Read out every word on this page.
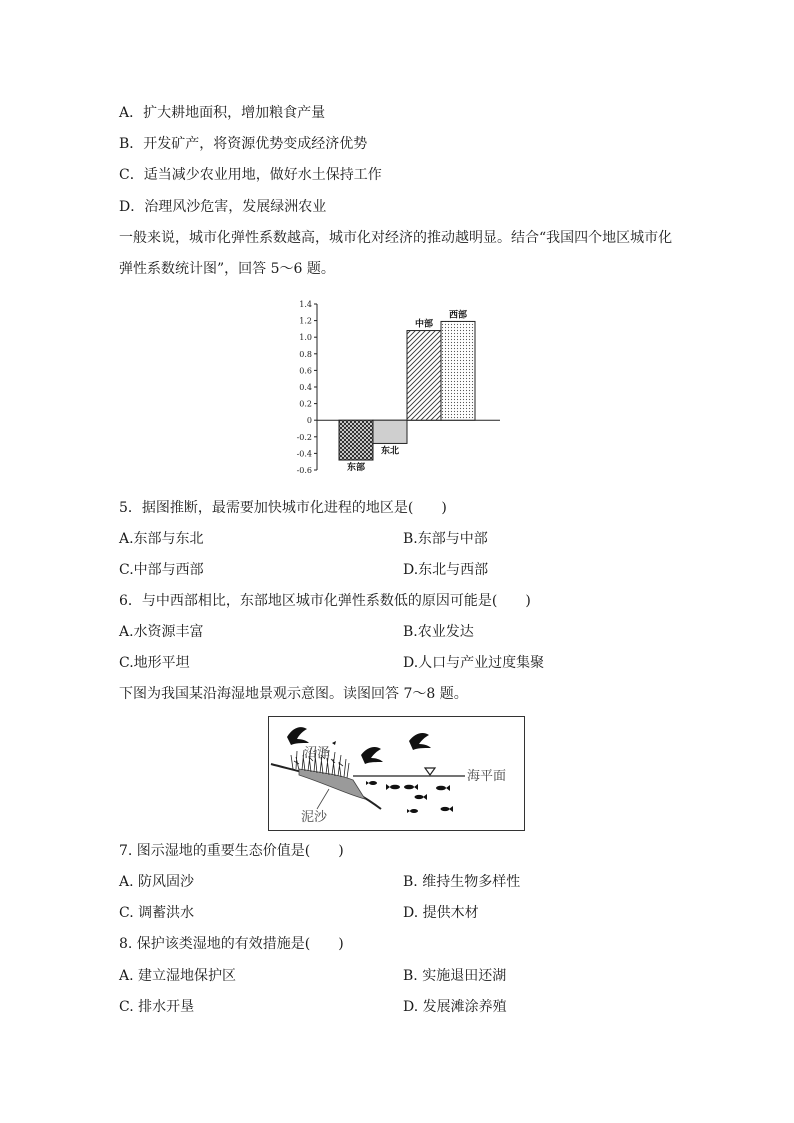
A．扩大耕地面积，增加粮食产量
B．开发矿产，将资源优势变成经济优势
C．适当减少农业用地，做好水土保持工作
D．治理风沙危害，发展绿洲农业
一般来说，城市化弹性系数越高，城市化对经济的推动越明显。结合“我国四个地区城市化
弹性系数统计图”，回答 5～6 题。
1.4
1.2
1.0
0.8
0.6
0.4
0.2
0
-0.2
-0.4
-0.6	东部
东北
中部
西部
5．据图推断，最需要加快城市化进程的地区是(　　)
A.东部与东北	B.东部与中部
C.中部与西部	D.东北与西部
6．与中西部相比，东部地区城市化弹性系数低的原因可能是(　　)
A.水资源丰富	B.农业发达
C.地形平坦	D.人口与产业过度集聚
下图为我国某沿海湿地景观示意图。读图回答 7～8 题。
沼泽
海平面
泥沙
7. 图示湿地的重要生态价值是(　　)
A. 防风固沙	B. 维持生物多样性
C. 调蓄洪水	D. 提供木材
8. 保护该类湿地的有效措施是(　　)
A. 建立湿地保护区	B. 实施退田还湖
C. 排水开垦	D. 发展滩涂养殖
